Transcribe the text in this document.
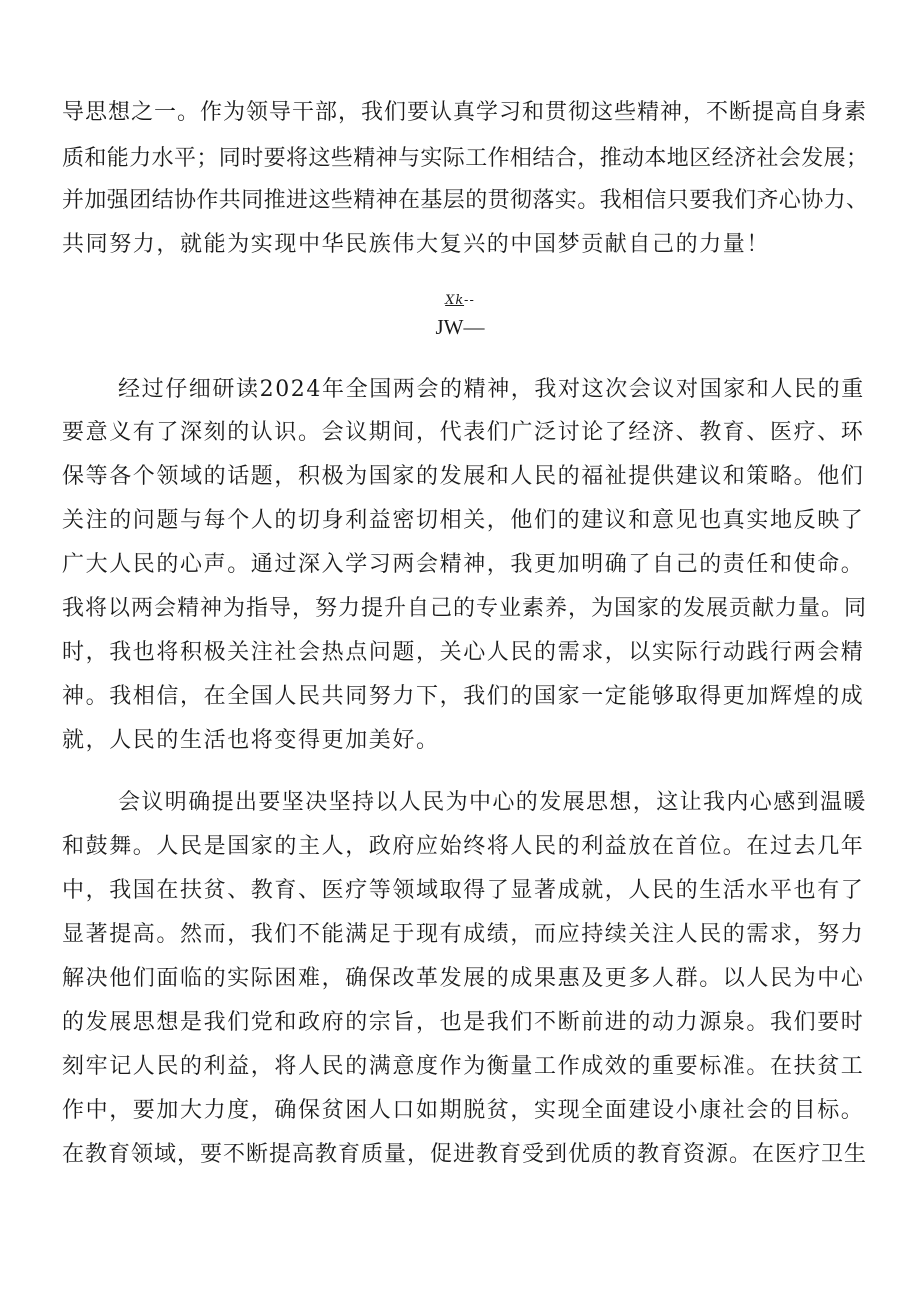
导思想之一。作为领导干部，我们要认真学习和贯彻这些精神，不断提高自身素
质和能力水平；同时要将这些精神与实际工作相结合，推动本地区经济社会发展；
并加强团结协作共同推进这些精神在基层的贯彻落实。我相信只要我们齐心协力、
共同努力，就能为实现中华民族伟大复兴的中国梦贡献自己的力量！
Xk--
JW—
经过仔细研读2024年全国两会的精神，我对这次会议对国家和人民的重
要意义有了深刻的认识。会议期间，代表们广泛讨论了经济、教育、医疗、环
保等各个领域的话题，积极为国家的发展和人民的福祉提供建议和策略。他们
关注的问题与每个人的切身利益密切相关，他们的建议和意见也真实地反映了
广大人民的心声。通过深入学习两会精神，我更加明确了自己的责任和使命。
我将以两会精神为指导，努力提升自己的专业素养，为国家的发展贡献力量。同
时，我也将积极关注社会热点问题，关心人民的需求，以实际行动践行两会精
神。我相信，在全国人民共同努力下，我们的国家一定能够取得更加辉煌的成
就，人民的生活也将变得更加美好。
会议明确提出要坚决坚持以人民为中心的发展思想，这让我内心感到温暖
和鼓舞。人民是国家的主人，政府应始终将人民的利益放在首位。在过去几年
中，我国在扶贫、教育、医疗等领域取得了显著成就，人民的生活水平也有了
显著提高。然而，我们不能满足于现有成绩，而应持续关注人民的需求，努力
解决他们面临的实际困难，确保改革发展的成果惠及更多人群。以人民为中心
的发展思想是我们党和政府的宗旨，也是我们不断前进的动力源泉。我们要时
刻牢记人民的利益，将人民的满意度作为衡量工作成效的重要标准。在扶贫工
作中，要加大力度，确保贫困人口如期脱贫，实现全面建设小康社会的目标。
在教育领域，要不断提高教育质量，促进教育受到优质的教育资源。在医疗卫生
